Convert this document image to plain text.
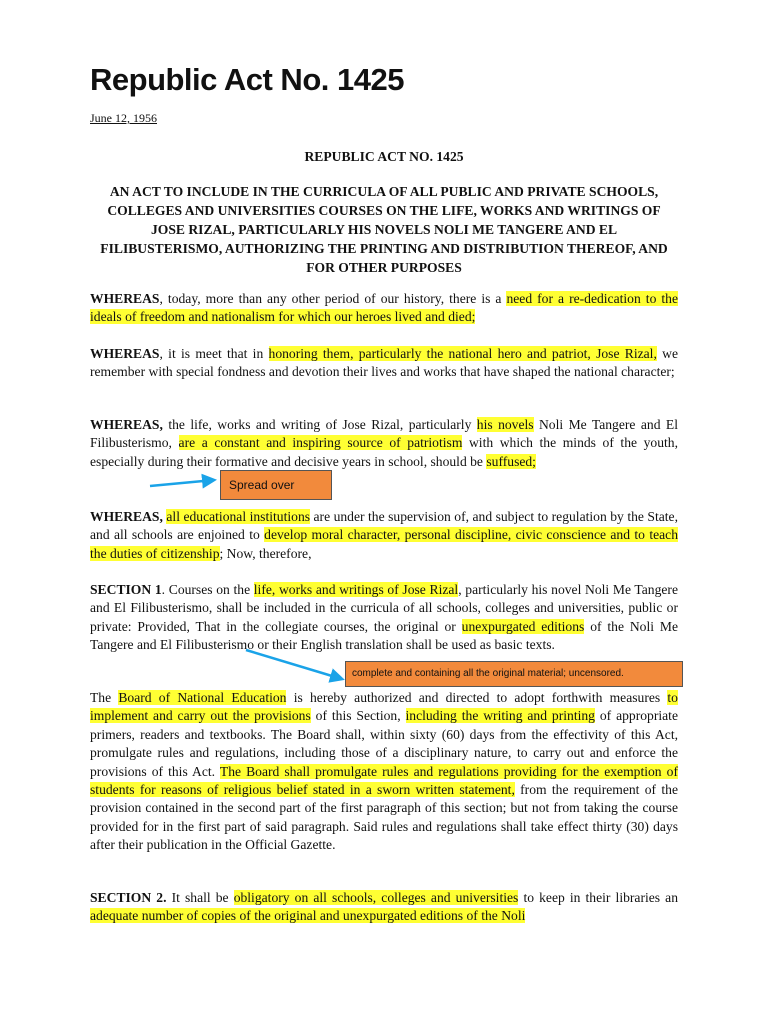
Republic Act No. 1425
June 12, 1956

REPUBLIC ACT NO. 1425

AN ACT TO INCLUDE IN THE CURRICULA OF ALL PUBLIC AND PRIVATE SCHOOLS, COLLEGES AND UNIVERSITIES COURSES ON THE LIFE, WORKS AND WRITINGS OF JOSE RIZAL, PARTICULARLY HIS NOVELS NOLI ME TANGERE AND EL FILIBUSTERISMO, AUTHORIZING THE PRINTING AND DISTRIBUTION THEREOF, AND FOR OTHER PURPOSES

WHEREAS, today, more than any other period of our history, there is a need for a re-dedication to the ideals of freedom and nationalism for which our heroes lived and died;

WHEREAS, it is meet that in honoring them, particularly the national hero and patriot, Jose Rizal, we remember with special fondness and devotion their lives and works that have shaped the national character;

WHEREAS, the life, works and writing of Jose Rizal, particularly his novels Noli Me Tangere and El Filibusterismo, are a constant and inspiring source of patriotism with which the minds of the youth, especially during their formative and decisive years in school, should be suffused;

WHEREAS, all educational institutions are under the supervision of, and subject to regulation by the State, and all schools are enjoined to develop moral character, personal discipline, civic conscience and to teach the duties of citizenship; Now, therefore,

SECTION 1. Courses on the life, works and writings of Jose Rizal, particularly his novel Noli Me Tangere and El Filibusterismo, shall be included in the curricula of all schools, colleges and universities, public or private: Provided, That in the collegiate courses, the original or unexpurgated editions of the Noli Me Tangere and El Filibusterismo or their English translation shall be used as basic texts.

The Board of National Education is hereby authorized and directed to adopt forthwith measures to implement and carry out the provisions of this Section, including the writing and printing of appropriate primers, readers and textbooks. The Board shall, within sixty (60) days from the effectivity of this Act, promulgate rules and regulations, including those of a disciplinary nature, to carry out and enforce the provisions of this Act. The Board shall promulgate rules and regulations providing for the exemption of students for reasons of religious belief stated in a sworn written statement, from the requirement of the provision contained in the second part of the first paragraph of this section; but not from taking the course provided for in the first part of said paragraph. Said rules and regulations shall take effect thirty (30) days after their publication in the Official Gazette.

SECTION 2. It shall be obligatory on all schools, colleges and universities to keep in their libraries an adequate number of copies of the original and unexpurgated editions of the Noli

Spread over
complete and containing all the original material; uncensored.
